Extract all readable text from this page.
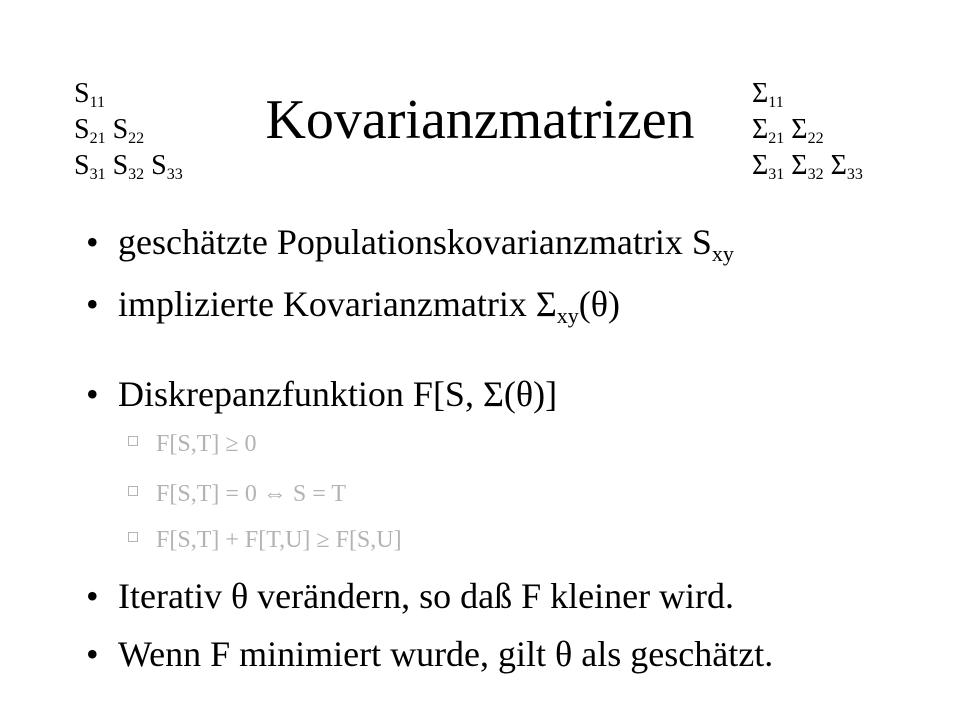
$S_{11}$
$S_{21}$ $S_{22}$
$S_{31}$ $S_{32}$ $S_{33}$
Kovarianzmatrizen	$\Sigma_{11}$
$\Sigma_{21}$ $\Sigma_{22}$
$\Sigma_{31}$ $\Sigma_{32}$ $\Sigma_{33}$
• geschätzte Populationskovarianzmatrix $S_{xy}$
• implizierte Kovarianzmatrix $\Sigma_{xy}(\theta)$
• Diskrepanzfunktion F[S, Σ(θ)]
F[S,T] ≥ 0
F[S,T] = 0 ⇔ S = T
F[S,T] + F[T,U] ≥ F[S,U]
• Iterativ θ verändern, so daß F kleiner wird.
• Wenn F minimiert wurde, gilt θ als geschätzt.
